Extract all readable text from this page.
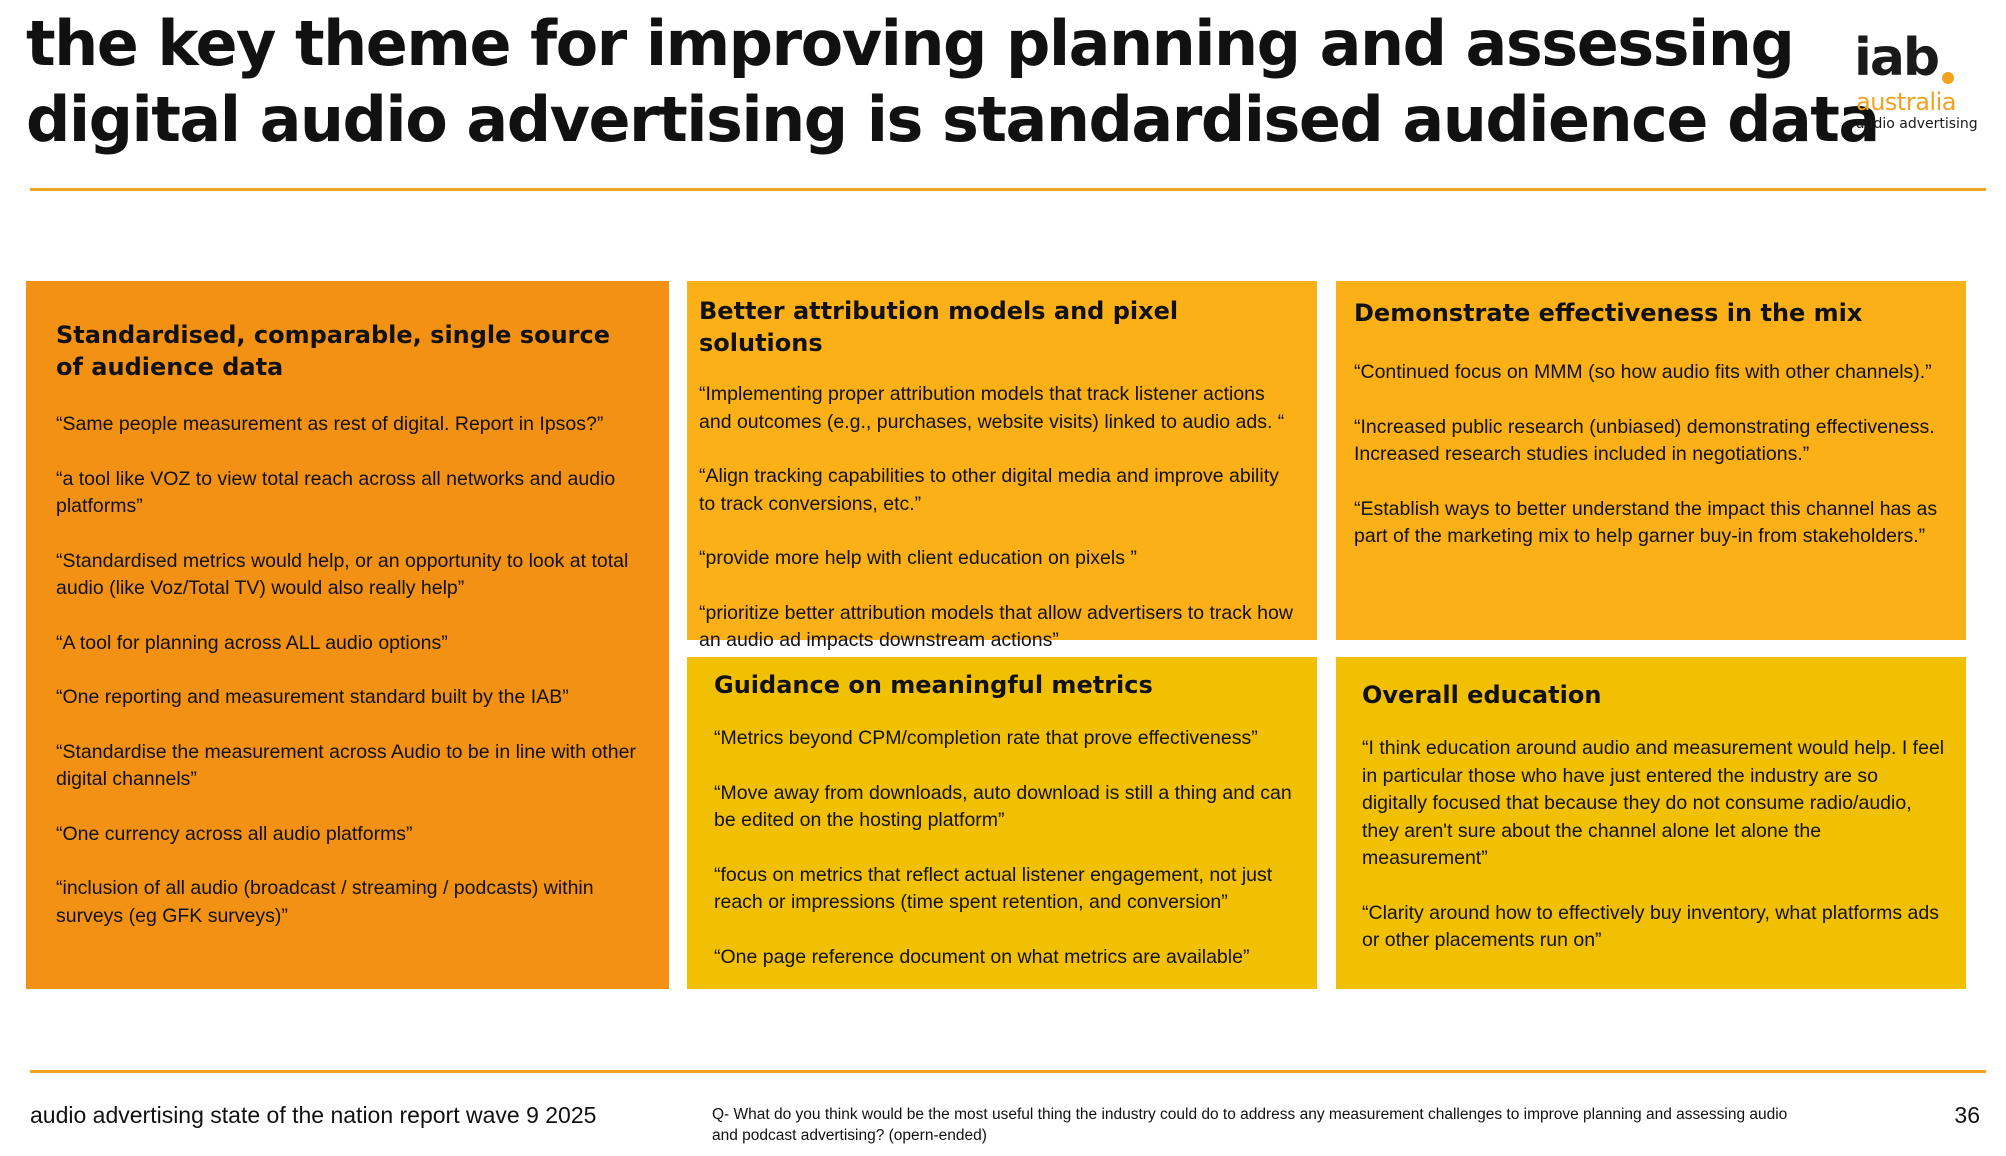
the key theme for improving planning and assessing
digital audio advertising is standardised audience data
iab
australia
audio advertising
Standardised, comparable, single source of audience data

“Same people measurement as rest of digital. Report in Ipsos?”

“a tool like VOZ to view total reach across all networks and audio platforms”

“Standardised metrics would help, or an opportunity to look at total audio (like Voz/Total TV) would also really help”

“A tool for planning across ALL audio options”

“One reporting and measurement standard built by the IAB”

“Standardise the measurement across Audio to be in line with other digital channels”

“One currency across all audio platforms”

“inclusion of all audio (broadcast / streaming / podcasts) within surveys (eg GFK surveys)”

Better attribution models and pixel solutions

“Implementing proper attribution models that track listener actions and outcomes (e.g., purchases, website visits) linked to audio ads. “

“Align tracking capabilities to other digital media and improve ability to track conversions, etc.”

“provide more help with client education on pixels ”

“prioritize better attribution models that allow advertisers to track how an audio ad impacts downstream actions”

Demonstrate effectiveness in the mix

“Continued focus on MMM (so how audio fits with other channels).”

“Increased public research (unbiased) demonstrating effectiveness. Increased research studies included in negotiations.”

“Establish ways to better understand the impact this channel has as part of the marketing mix to help garner buy-in from stakeholders.”

Guidance on meaningful metrics

“Metrics beyond CPM/completion rate that prove effectiveness”

“Move away from downloads, auto download is still a thing and can be edited on the hosting platform”

“focus on metrics that reflect actual listener engagement, not just reach or impressions (time spent retention, and conversion”

“One page reference document on what metrics are available”

Overall education

“I think education around audio and measurement would help. I feel in particular those who have just entered the industry are so digitally focused that because they do not consume radio/audio, they aren't sure about the channel alone let alone the measurement”

“Clarity around how to effectively buy inventory, what platforms ads or other placements run on”

audio advertising state of the nation report wave 9 2025	Q- What do you think would be the most useful thing the industry could do to address any measurement challenges to improve planning and assessing audio and podcast advertising? (opern-ended)
36
